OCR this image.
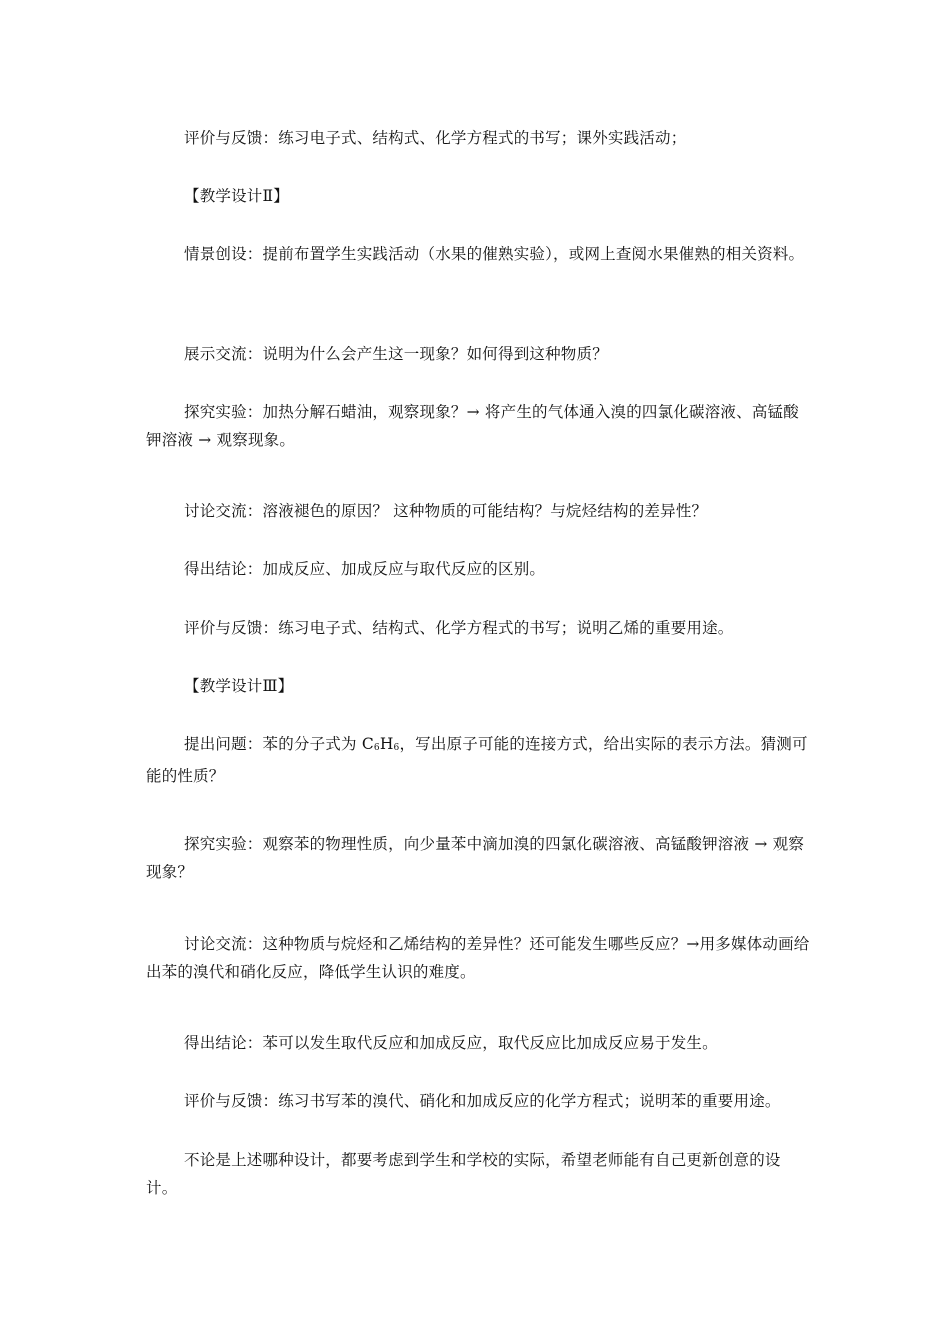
评价与反馈：练习电子式、结构式、化学方程式的书写；课外实践活动；

【教学设计Ⅱ】

情景创设：提前布置学生实践活动（水果的催熟实验），或网上查阅水果催熟的相关资料。

展示交流：说明为什么会产生这一现象？如何得到这种物质？

探究实验：加热分解石蜡油，观察现象？→ 将产生的气体通入溴的四氯化碳溶液、高锰酸钾溶液 → 观察现象。

讨论交流：溶液褪色的原因？ 这种物质的可能结构？与烷烃结构的差异性？

得出结论：加成反应、加成反应与取代反应的区别。

评价与反馈：练习电子式、结构式、化学方程式的书写；说明乙烯的重要用途。

【教学设计Ⅲ】

提出问题：苯的分子式为 C6H6，写出原子可能的连接方式，给出实际的表示方法。猜测可能的性质？

探究实验：观察苯的物理性质，向少量苯中滴加溴的四氯化碳溶液、高锰酸钾溶液 → 观察现象？

讨论交流：这种物质与烷烃和乙烯结构的差异性？还可能发生哪些反应？→用多媒体动画给出苯的溴代和硝化反应，降低学生认识的难度。

得出结论：苯可以发生取代反应和加成反应，取代反应比加成反应易于发生。

评价与反馈：练习书写苯的溴代、硝化和加成反应的化学方程式；说明苯的重要用途。

不论是上述哪种设计，都要考虑到学生和学校的实际，希望老师能有自己更新创意的设计。
